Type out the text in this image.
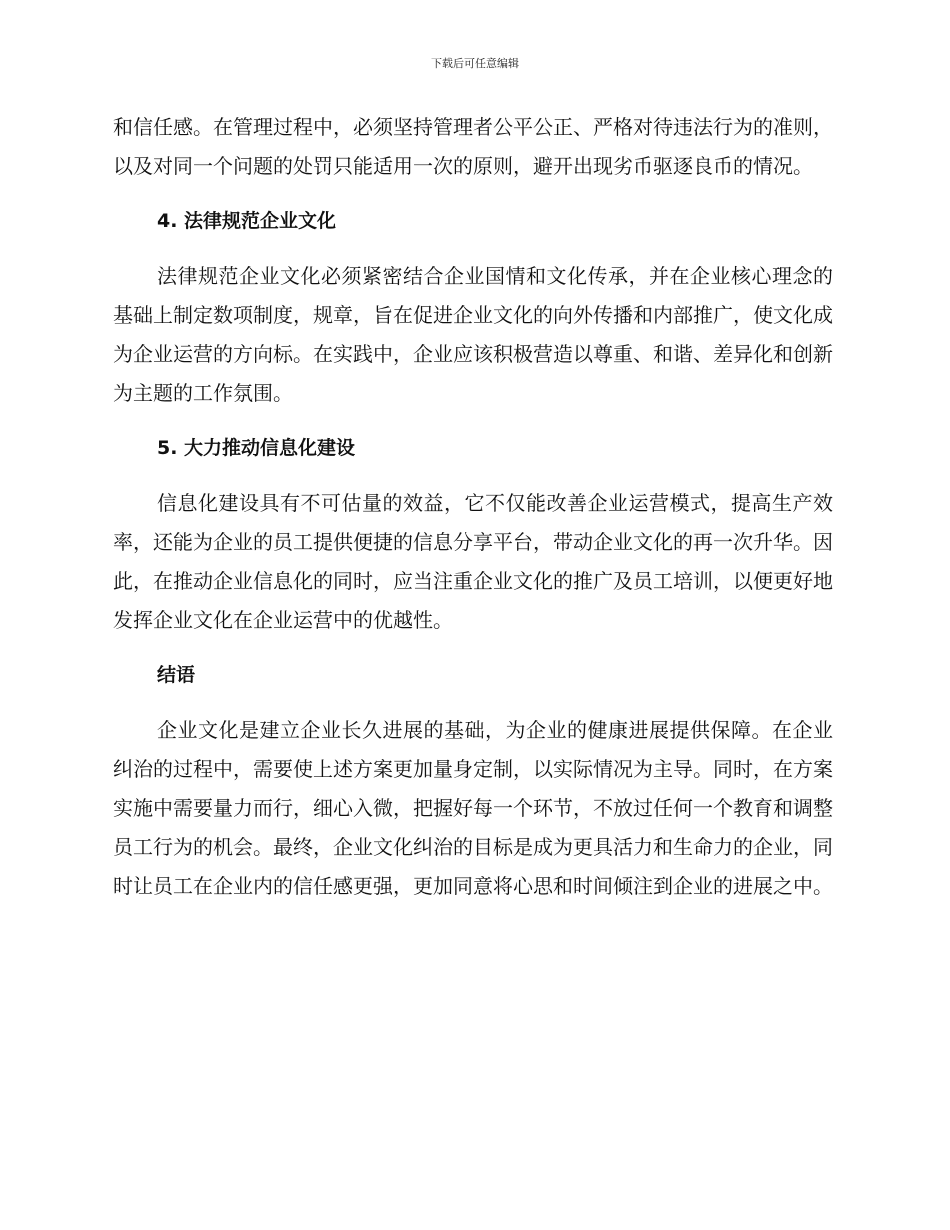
下载后可任意编辑

和信任感。在管理过程中，必须坚持管理者公平公正、严格对待违法行为的准则，以及对同一个问题的处罚只能适用一次的原则，避开出现劣币驱逐良币的情况。

4. 法律规范企业文化

法律规范企业文化必须紧密结合企业国情和文化传承，并在企业核心理念的基础上制定数项制度，规章，旨在促进企业文化的向外传播和内部推广，使文化成为企业运营的方向标。在实践中，企业应该积极营造以尊重、和谐、差异化和创新为主题的工作氛围。

5. 大力推动信息化建设

信息化建设具有不可估量的效益，它不仅能改善企业运营模式，提高生产效率，还能为企业的员工提供便捷的信息分享平台，带动企业文化的再一次升华。因此，在推动企业信息化的同时，应当注重企业文化的推广及员工培训，以便更好地发挥企业文化在企业运营中的优越性。

结语

企业文化是建立企业长久进展的基础，为企业的健康进展提供保障。在企业纠治的过程中，需要使上述方案更加量身定制，以实际情况为主导。同时，在方案实施中需要量力而行，细心入微，把握好每一个环节，不放过任何一个教育和调整员工行为的机会。最终，企业文化纠治的目标是成为更具活力和生命力的企业，同时让员工在企业内的信任感更强，更加同意将心思和时间倾注到企业的进展之中。
